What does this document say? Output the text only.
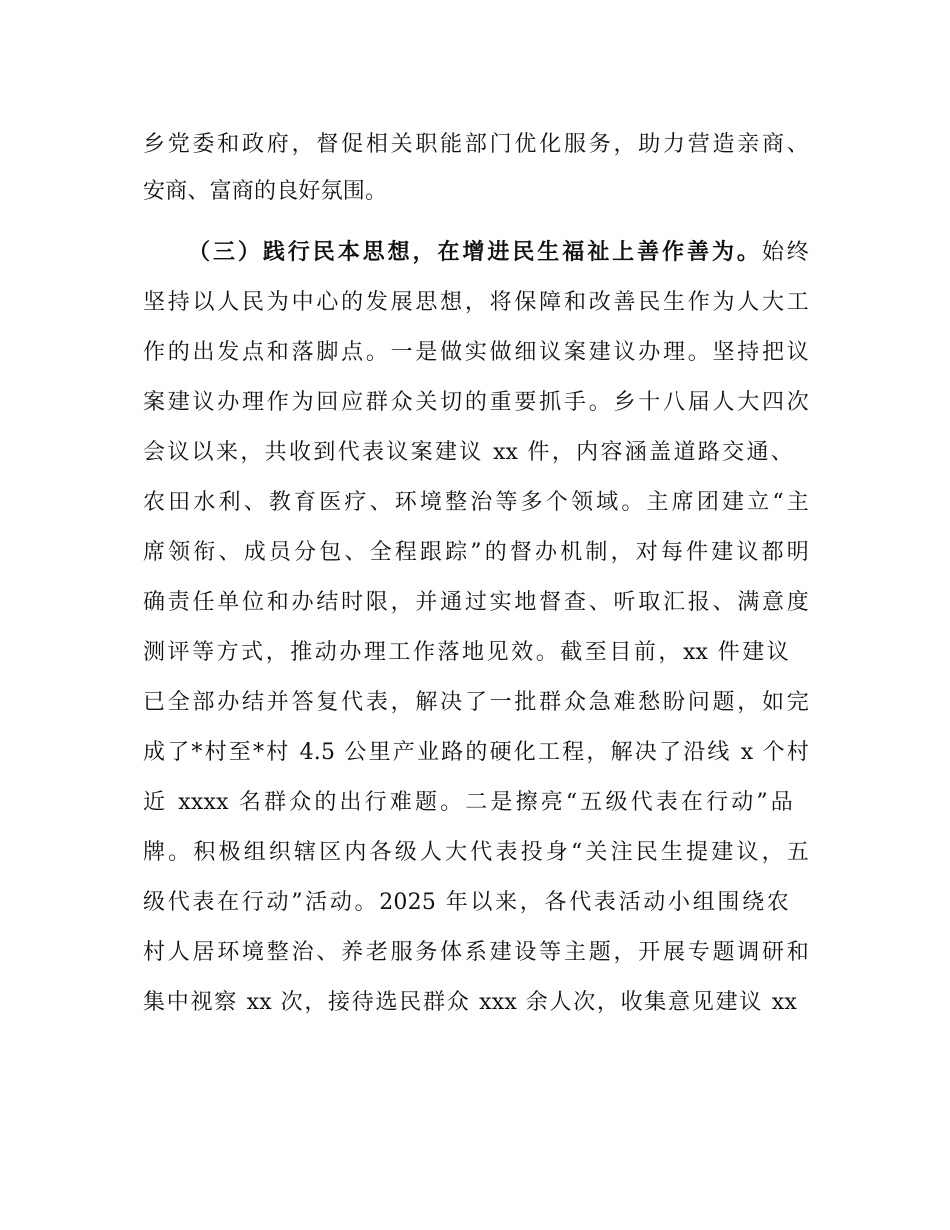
乡党委和政府，督促相关职能部门优化服务，助力营造亲商、
安商、富商的良好氛围。
（三）践行民本思想，在增进民生福祉上善作善为。始终
坚持以人民为中心的发展思想，将保障和改善民生作为人大工
作的出发点和落脚点。一是做实做细议案建议办理。坚持把议
案建议办理作为回应群众关切的重要抓手。乡十八届人大四次
会议以来，共收到代表议案建议 xx 件，内容涵盖道路交通、
农田水利、教育医疗、环境整治等多个领域。主席团建立“主
席领衔、成员分包、全程跟踪”的督办机制，对每件建议都明
确责任单位和办结时限，并通过实地督查、听取汇报、满意度
测评等方式，推动办理工作落地见效。截至目前，xx 件建议
已全部办结并答复代表，解决了一批群众急难愁盼问题，如完
成了*村至*村 4.5 公里产业路的硬化工程，解决了沿线 x 个村
近 xxxx 名群众的出行难题。二是擦亮“五级代表在行动”品
牌。积极组织辖区内各级人大代表投身“关注民生提建议，五
级代表在行动”活动。2025 年以来，各代表活动小组围绕农
村人居环境整治、养老服务体系建设等主题，开展专题调研和
集中视察 xx 次，接待选民群众 xxx 余人次，收集意见建议 xx
